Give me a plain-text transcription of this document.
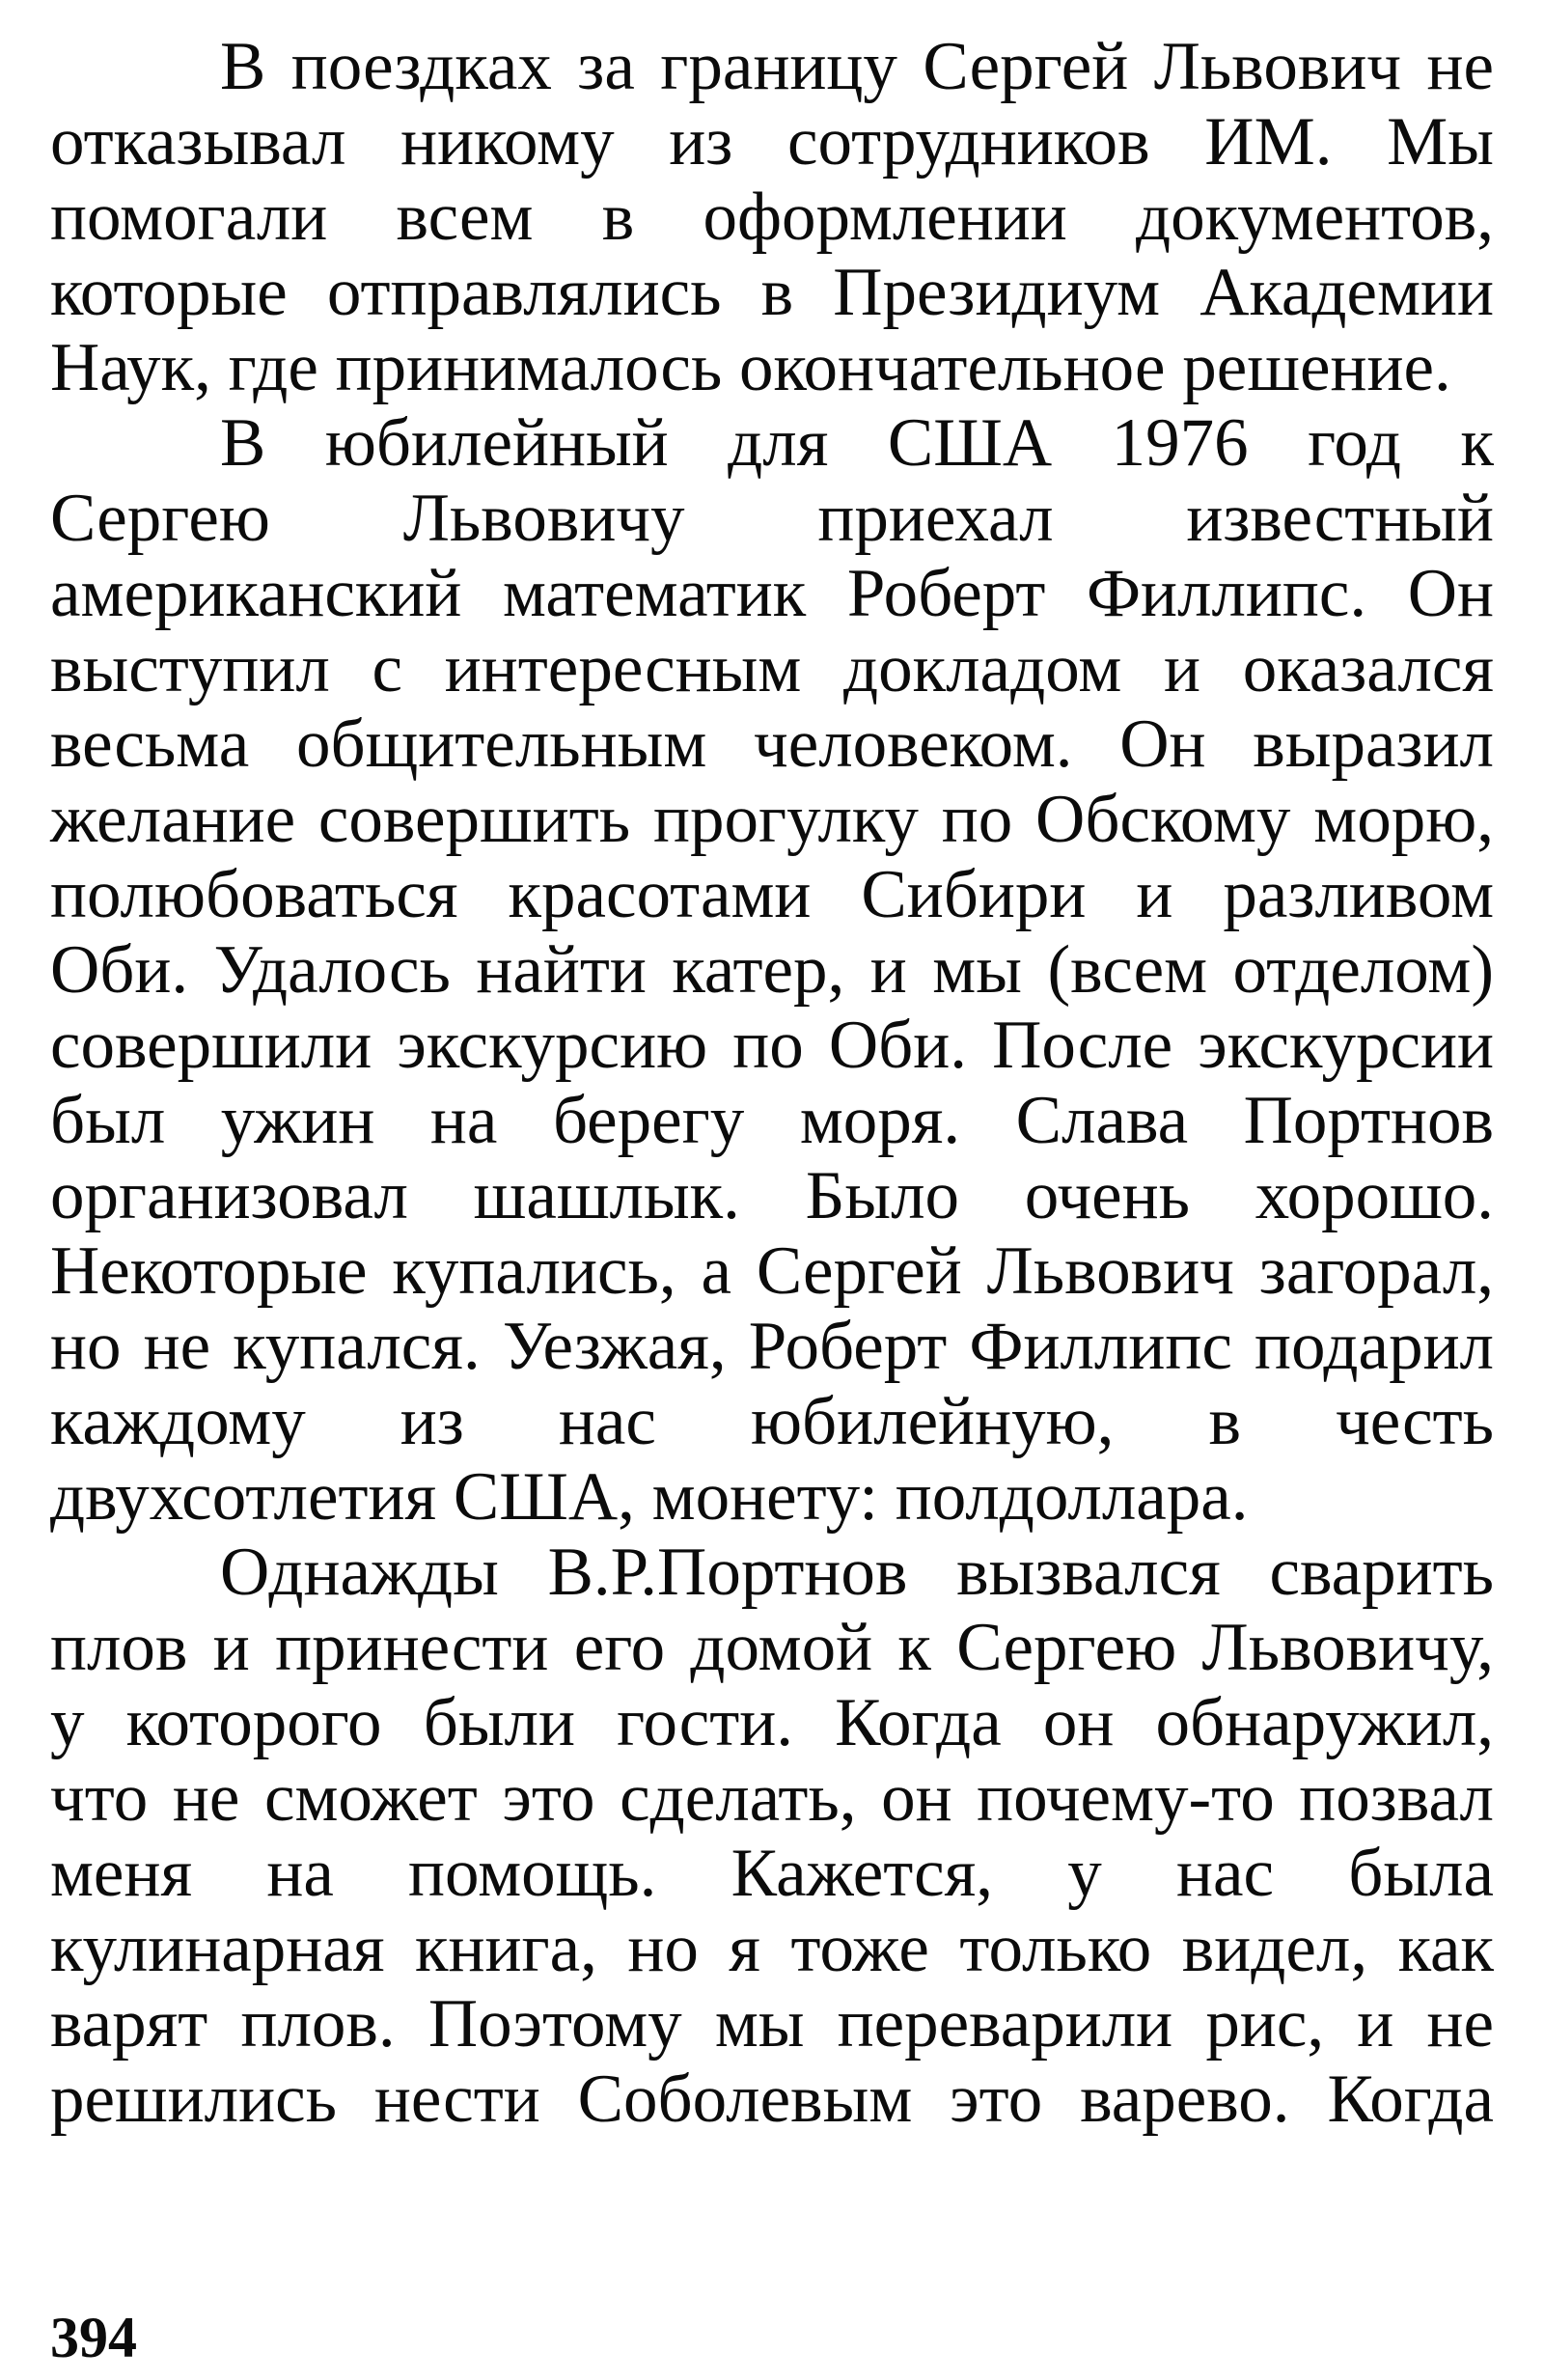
В поездках за границу Сергей Львович не
отказывал никому из сотрудников ИМ. Мы
помогали всем в оформлении документов,
которые отправлялись в Президиум Академии
Наук, где принималось окончательное решение.

В юбилейный для США 1976 год к
Сергею Львовичу приехал известный
американский математик Роберт Филлипс. Он
выступил с интересным докладом и оказался
весьма общительным человеком. Он выразил
желание совершить прогулку по Обскому морю,
полюбоваться красотами Сибири и разливом
Оби. Удалось найти катер, и мы (всем отделом)
совершили экскурсию по Оби. После экскурсии
был ужин на берегу моря. Слава Портнов
организовал шашлык. Было очень хорошо.
Некоторые купались, а Сергей Львович загорал,
но не купался. Уезжая, Роберт Филлипс подарил
каждому из нас юбилейную, в честь
двухсотлетия США, монету: полдоллара.

Однажды В.Р.Портнов вызвался сварить
плов и принести его домой к Сергею Львовичу,
у которого были гости. Когда он обнаружил,
что не сможет это сделать, он почему-то позвал
меня на помощь. Кажется, у нас была
кулинарная книга, но я тоже только видел, как
варят плов. Поэтому мы переварили рис, и не
решились нести Соболевым это варево. Когда

394
